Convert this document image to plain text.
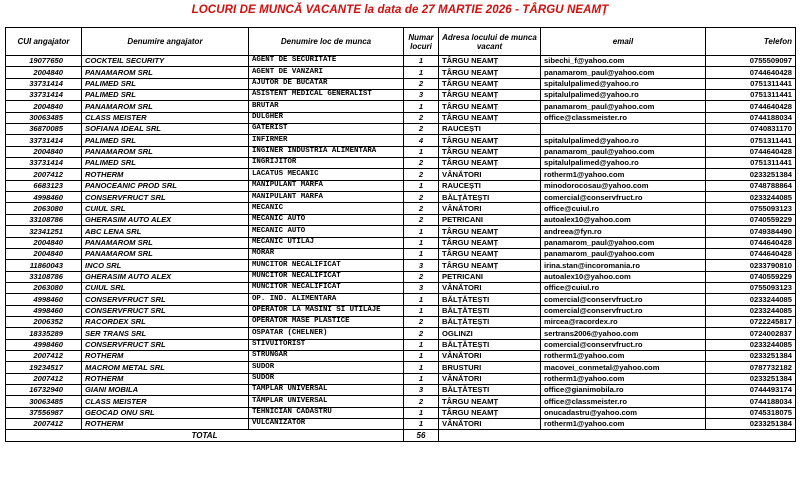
LOCURI DE MUNCĂ VACANTE la data de 27 MARTIE 2026 - TÂRGU NEAMȚ
CUI angajator	Denumire angajator	Denumire loc de munca	Numar locuri	Adresa locului de munca vacant	email	Telefon
19077650	COCKTEIL SECURITY	AGENT DE SECURITATE	1	TÂRGU NEAMȚ	sibechi_f@yahoo.com	0755509097
2004840	PANAMAROM SRL	AGENT DE VANZARI	1	TÂRGU NEAMȚ	panamarom_paul@yahoo.com	0744640428
33731414	PALIMED SRL	AJUTOR DE BUCATAR	2	TÂRGU NEAMȚ	spitalulpalimed@yahoo.ro	0751311441
33731414	PALIMED SRL	ASISTENT MEDICAL GENERALIST	3	TÂRGU NEAMȚ	spitalulpalimed@yahoo.ro	0751311441
2004840	PANAMAROM SRL	BRUTAR	1	TÂRGU NEAMȚ	panamarom_paul@yahoo.com	0744640428
30063485	CLASS MEISTER	DULGHER	2	TÂRGU NEAMȚ	office@classmeister.ro	0744188034
36870085	SOFIANA IDEAL SRL	GATERIST	2	RAUCEȘTI		0740831170
33731414	PALIMED SRL	INFIRMER	4	TÂRGU NEAMȚ	spitalulpalimed@yahoo.ro	0751311441
2004840	PANAMAROM SRL	INGINER INDUSTRIA ALIMENTARA	1	TÂRGU NEAMȚ	panamarom_paul@yahoo.com	0744640428
33731414	PALIMED SRL	INGRIJITOR	2	TÂRGU NEAMȚ	spitalulpalimed@yahoo.ro	0751311441
2007412	ROTHERM	LACATUS MECANIC	2	VÂNĂTORI	rotherm1@yahoo.com	0233251384
6683123	PANOCEANIC PROD SRL	MANIPULANT MARFA	1	RAUCEȘTI	minodorocosau@yahoo.com	0748788864
4998460	CONSERVFRUCT SRL	MANIPULANT MARFA	2	BĂLȚĂTEȘTI	comercial@conservfruct.ro	0233244085
2063080	CUIUL SRL	MECANIC	2	VÂNĂTORI	office@cuiul.ro	0755093123
33108786	GHERASIM AUTO ALEX	MECANIC AUTO	2	PETRICANI	autoalex10@yahoo.com	0740559229
32341251	ABC LENA SRL	MECANIC AUTO	1	TÂRGU NEAMȚ	andreea@fyn.ro	0749384490
2004840	PANAMAROM SRL	MECANIC UTILAJ	1	TÂRGU NEAMȚ	panamarom_paul@yahoo.com	0744640428
2004840	PANAMAROM SRL	MORAR	1	TÂRGU NEAMȚ	panamarom_paul@yahoo.com	0744640428
11860043	INCO SRL	MUNCITOR NECALIFICAT	3	TÂRGU NEAMȚ	irina.stan@incoromania.ro	0233790810
33108786	GHERASIM AUTO ALEX	MUNCITOR NECALIFICAT	2	PETRICANI	autoalex10@yahoo.com	0740559229
2063080	CUIUL SRL	MUNCITOR NECALIFICAT	3	VÂNĂTORI	office@cuiul.ro	0755093123
4998460	CONSERVFRUCT SRL	OP. IND. ALIMENTARA	1	BĂLȚĂTEȘTI	comercial@conservfruct.ro	0233244085
4998460	CONSERVFRUCT SRL	OPERATOR LA MASINI SI UTILAJE	1	BĂLȚĂTEȘTI	comercial@conservfruct.ro	0233244085
2006352	RACORDEX SRL	OPERATOR MASE PLASTICE	2	BĂLȚĂTEȘTI	mircea@racordex.ro	0722245817
18335289	SER TRANS SRL	OSPATAR (CHELNER)	2	OGLINZI	sertrans2006@yahoo.com	0724002837
4998460	CONSERVFRUCT SRL	STIVUITORIST	1	BĂLȚĂTEȘTI	comercial@conservfruct.ro	0233244085
2007412	ROTHERM	STRUNGAR	1	VÂNĂTORI	rotherm1@yahoo.com	0233251384
19234517	MACROM METAL SRL	SUDOR	1	BRUSTURI	macovei_conmetal@yahoo.com	0787732182
2007412	ROTHERM	SUDOR	1	VÂNĂTORI	rotherm1@yahoo.com	0233251384
16732940	GIANI MOBILA	TÂMPLAR UNIVERSAL	3	BĂLȚĂTEȘTI	office@gianimobila.ro	0744493174
30063485	CLASS MEISTER	TÂMPLAR UNIVERSAL	2	TÂRGU NEAMȚ	office@classmeister.ro	0744188034
37556987	GEOCAD ONU SRL	TEHNICIAN CADASTRU	1	TÂRGU NEAMȚ	onucadastru@yahoo.com	0745318075
2007412	ROTHERM	VULCANIZATOR	1	VÂNĂTORI	rotherm1@yahoo.com	0233251384
TOTAL			56			
